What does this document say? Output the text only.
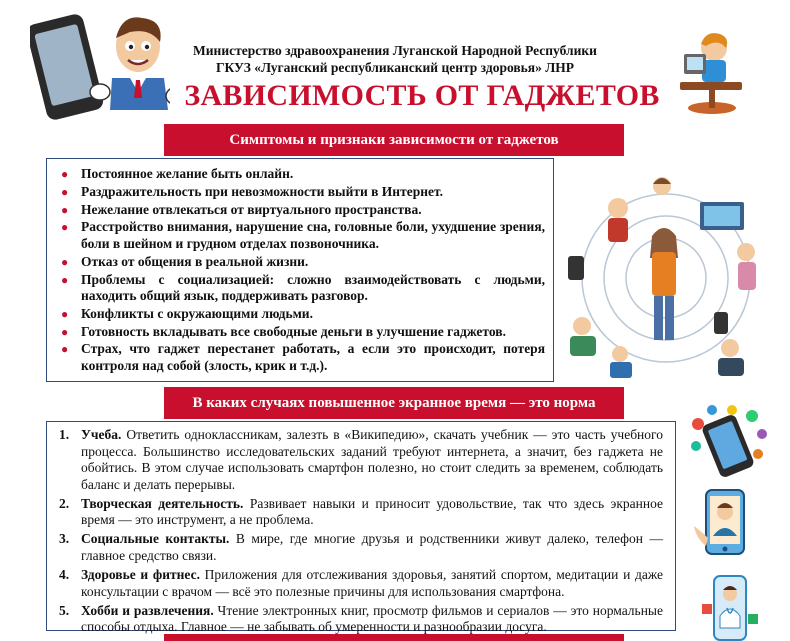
Министерство здравоохранения Луганской Народной Республики
ГКУЗ «Луганский республиканский центр здоровья» ЛНР
ЗАВИСИМОСТЬ ОТ ГАДЖЕТОВ
Симптомы и признаки зависимости от гаджетов
● Постоянное желание быть онлайн.
● Раздражительность при невозможности выйти в Интернет.
● Нежелание отвлекаться от виртуального пространства.
● Расстройство внимания, нарушение сна, головные боли, ухудшение зрения, боли в шейном и грудном отделах позвоночника.
● Отказ от общения в реальной жизни.
● Проблемы с социализацией: сложно взаимодействовать с людьми, находить общий язык, поддерживать разговор.
● Конфликты с окружающими людьми.
● Готовность вкладывать все свободные деньги в улучшение гаджетов.
● Страх, что гаджет перестанет работать, а если это происходит, потеря контроля над собой (злость, крик и т.д.).
В каких случаях повышенное экранное время — это норма
1. Учеба. Ответить одноклассникам, залезть в «Википедию», скачать учебник — это часть учебного процесса. Большинство исследовательских заданий требуют интернета, а значит, без гаджета не обойтись. В этом случае использовать смартфон полезно, но стоит следить за временем, соблюдать баланс и делать перерывы.
2. Творческая деятельность. Развивает навыки и приносит удовольствие, так что здесь экранное время — это инструмент, а не проблема.
3. Социальные контакты. В мире, где многие друзья и родственники живут далеко, телефон — главное средство связи.
4. Здоровье и фитнес. Приложения для отслеживания здоровья, занятий спортом, медитации и даже консультации с врачом — всё это полезные причины для использования смартфона.
5. Хобби и развлечения. Чтение электронных книг, просмотр фильмов и сериалов — это нормальные способы отдыха. Главное — не забывать об умеренности и разнообразии досуга.
